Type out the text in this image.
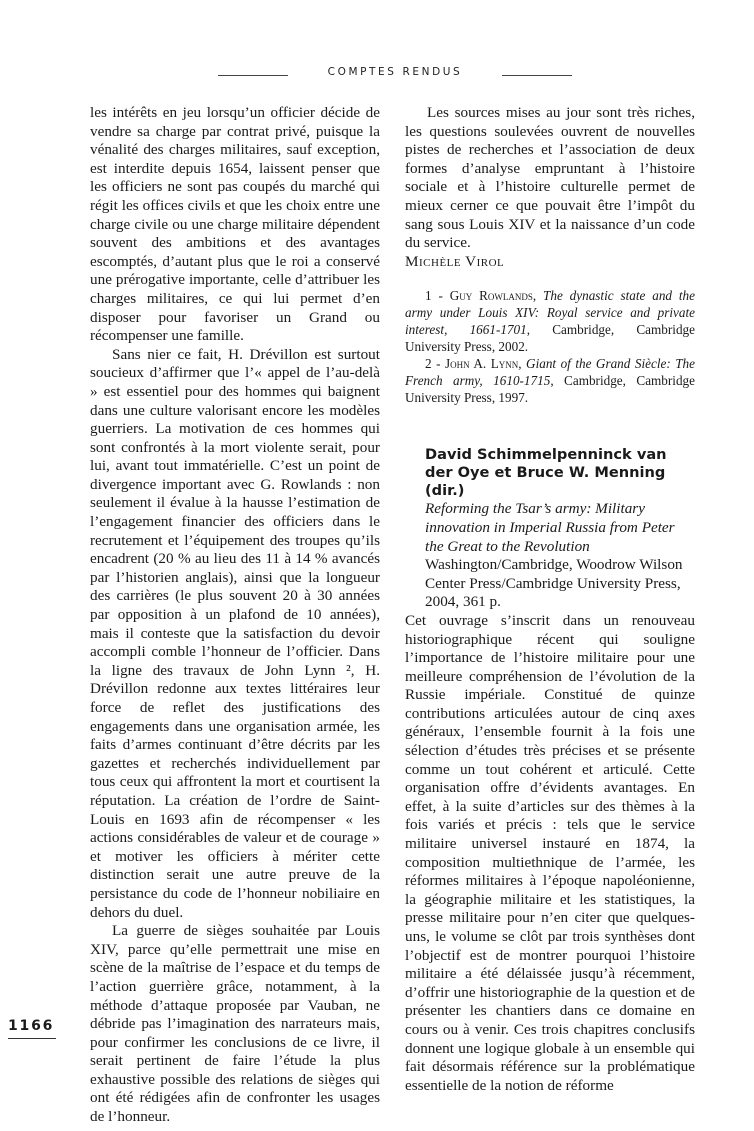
COMPTES RENDUS

les intérêts en jeu lorsqu’un officier décide de vendre sa charge par contrat privé, puisque la vénalité des charges militaires, sauf exception, est interdite depuis 1654, laissent penser que les officiers ne sont pas coupés du marché qui régit les offices civils et que les choix entre une charge civile ou une charge militaire dépendent souvent des ambitions et des avantages escomptés, d’autant plus que le roi a conservé une prérogative importante, celle d’attribuer les charges militaires, ce qui lui permet d’en disposer pour favoriser un Grand ou récompenser une famille.

Sans nier ce fait, H. Drévillon est surtout soucieux d’affirmer que l’« appel de l’au-delà » est essentiel pour des hommes qui baignent dans une culture valorisant encore les modèles guerriers. La motivation de ces hommes qui sont confrontés à la mort violente serait, pour lui, avant tout immatérielle. C’est un point de divergence important avec G. Rowlands : non seulement il évalue à la hausse l’estimation de l’engagement financier des officiers dans le recrutement et l’équipement des troupes qu’ils encadrent (20 % au lieu des 11 à 14 % avancés par l’historien anglais), ainsi que la longueur des carrières (le plus souvent 20 à 30 années par opposition à un plafond de 10 années), mais il conteste que la satisfaction du devoir accompli comble l’honneur de l’officier. Dans la ligne des travaux de John Lynn ², H. Drévillon redonne aux textes littéraires leur force de reflet des justifications des engagements dans une organisation armée, les faits d’armes continuant d’être décrits par les gazettes et recherchés individuellement par tous ceux qui affrontent la mort et courtisent la réputation. La création de l’ordre de Saint-Louis en 1693 afin de récompenser « les actions considérables de valeur et de courage » et motiver les officiers à mériter cette distinction serait une autre preuve de la persistance du code de l’honneur nobiliaire en dehors du duel.

La guerre de sièges souhaitée par Louis XIV, parce qu’elle permettrait une mise en scène de la maîtrise de l’espace et du temps de l’action guerrière grâce, notamment, à la méthode d’attaque proposée par Vauban, ne débride pas l’imagination des narrateurs mais, pour confirmer les conclusions de ce livre, il serait pertinent de faire l’étude la plus exhaustive possible des relations de sièges qui ont été rédigées afin de confronter les usages de l’honneur.

Les sources mises au jour sont très riches, les questions soulevées ouvrent de nouvelles pistes de recherches et l’association de deux formes d’analyse empruntant à l’histoire sociale et à l’histoire culturelle permet de mieux cerner ce que pouvait être l’impôt du sang sous Louis XIV et la naissance d’un code du service.

Michèle Virol

1 - Guy Rowlands, The dynastic state and the army under Louis XIV: Royal service and private interest, 1661-1701, Cambridge, Cambridge University Press, 2002.

2 - John A. Lynn, Giant of the Grand Siècle: The French army, 1610-1715, Cambridge, Cambridge University Press, 1997.

David Schimmelpenninck van der Oye et Bruce W. Menning (dir.)
Reforming the Tsar’s army: Military innovation in Imperial Russia from Peter the Great to the Revolution
Washington/Cambridge, Woodrow Wilson Center Press/Cambridge University Press, 2004, 361 p.

Cet ouvrage s’inscrit dans un renouveau historiographique récent qui souligne l’importance de l’histoire militaire pour une meilleure compréhension de l’évolution de la Russie impériale. Constitué de quinze contributions articulées autour de cinq axes généraux, l’ensemble fournit à la fois une sélection d’études très précises et se présente comme un tout cohérent et articulé. Cette organisation offre d’évidents avantages. En effet, à la suite d’articles sur des thèmes à la fois variés et précis : tels que le service militaire universel instauré en 1874, la composition multiethnique de l’armée, les réformes militaires à l’époque napoléonienne, la géographie militaire et les statistiques, la presse militaire pour n’en citer que quelques-uns, le volume se clôt par trois synthèses dont l’objectif est de montrer pourquoi l’histoire militaire a été délaissée jusqu’à récemment, d’offrir une historiographie de la question et de présenter les chantiers dans ce domaine en cours ou à venir. Ces trois chapitres conclusifs donnent une logique globale à un ensemble qui fait désormais référence sur la problématique essentielle de la notion de réforme

1166
